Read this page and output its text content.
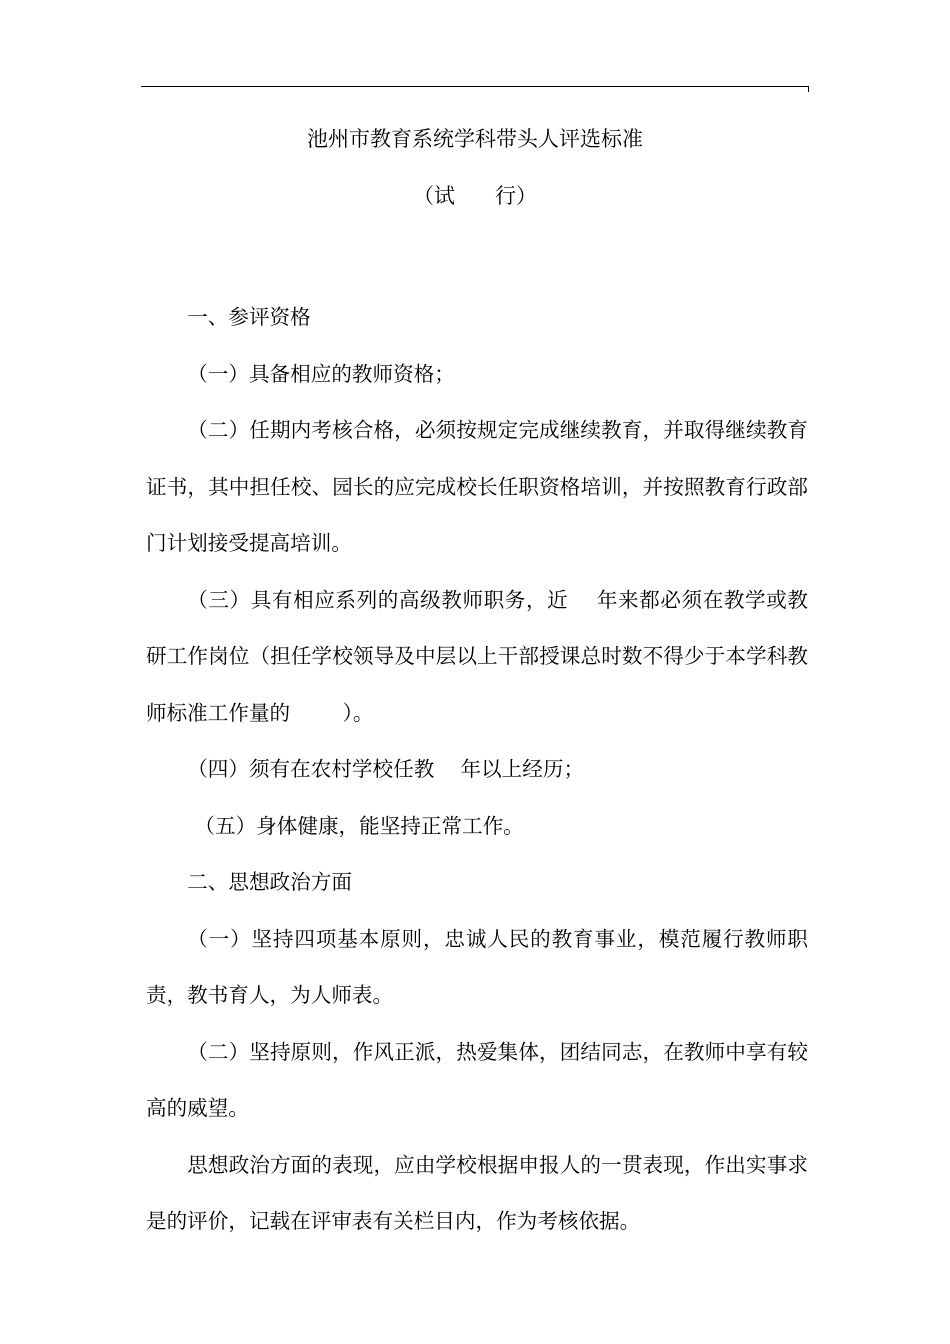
池州市教育系统学科带头人评选标准
（试      行）

一、参评资格

（一）具备相应的教师资格；

（二）任期内考核合格，必须按规定完成继续教育，并取得继续教育证书，其中担任校、园长的应完成校长任职资格培训，并按照教育行政部门计划接受提高培训。

（三）具有相应系列的高级教师职务，近    年来都必须在教学或教研工作岗位（担任学校领导及中层以上干部授课总时数不得少于本学科教师标准工作量的        ）。

（四）须有在农村学校任教    年以上经历；

（五）身体健康，能坚持正常工作。

二、思想政治方面

（一）坚持四项基本原则，忠诚人民的教育事业，模范履行教师职责，教书育人，为人师表。

（二）坚持原则，作风正派，热爱集体，团结同志，在教师中享有较高的威望。

思想政治方面的表现，应由学校根据申报人的一贯表现，作出实事求是的评价，记载在评审表有关栏目内，作为考核依据。
